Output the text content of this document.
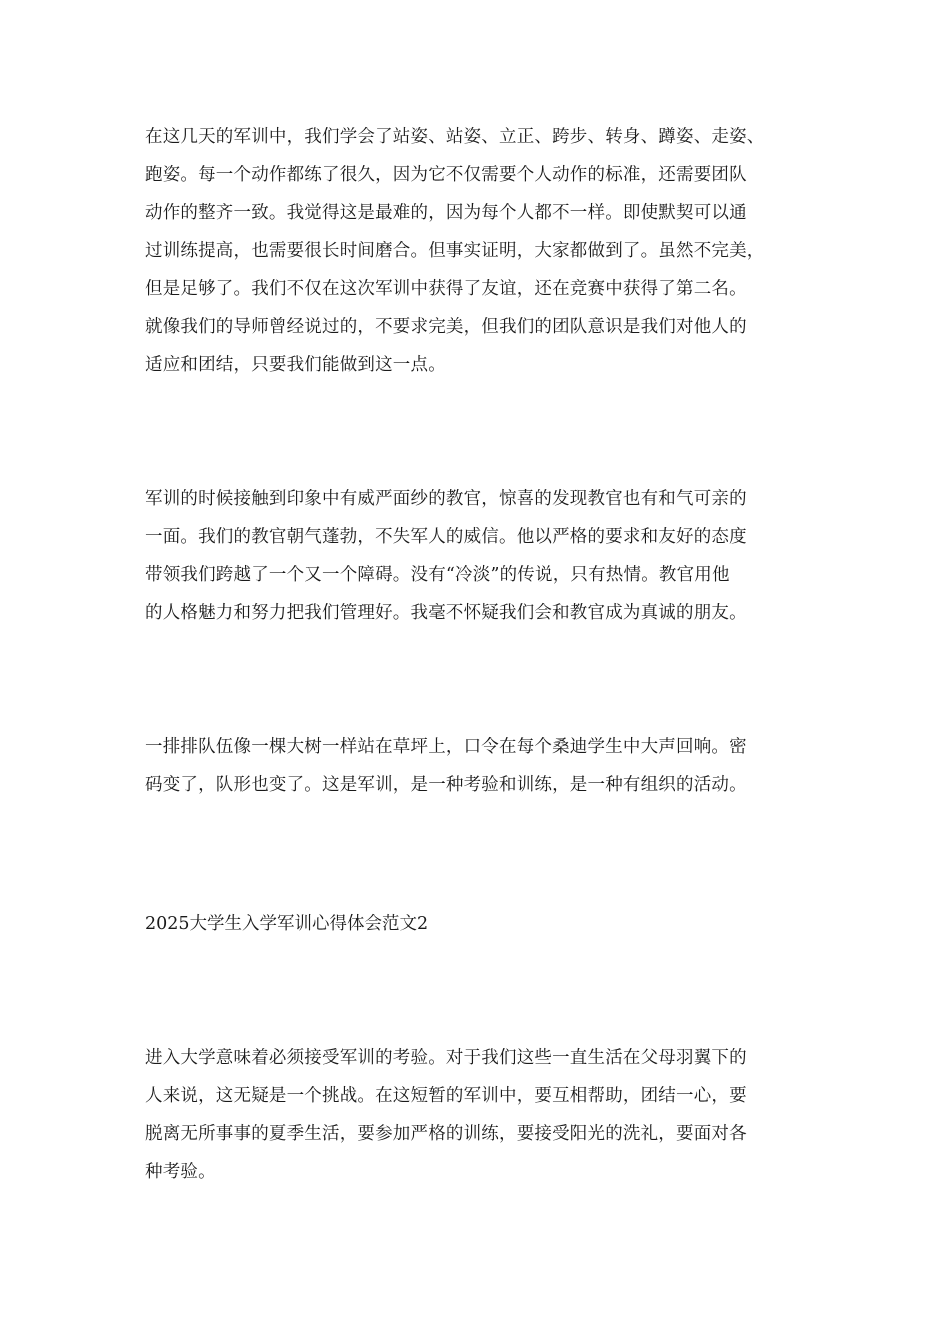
在这几天的军训中，我们学会了站姿、站姿、立正、跨步、转身、蹲姿、走姿、
跑姿。每一个动作都练了很久，因为它不仅需要个人动作的标准，还需要团队
动作的整齐一致。我觉得这是最难的，因为每个人都不一样。即使默契可以通
过训练提高，也需要很长时间磨合。但事实证明，大家都做到了。虽然不完美，
但是足够了。我们不仅在这次军训中获得了友谊，还在竞赛中获得了第二名。
就像我们的导师曾经说过的，不要求完美，但我们的团队意识是我们对他人的
适应和团结，只要我们能做到这一点。
军训的时候接触到印象中有威严面纱的教官，惊喜的发现教官也有和气可亲的
一面。我们的教官朝气蓬勃，不失军人的威信。他以严格的要求和友好的态度
带领我们跨越了一个又一个障碍。没有“冷淡”的传说，只有热情。教官用他
的人格魅力和努力把我们管理好。我毫不怀疑我们会和教官成为真诚的朋友。
一排排队伍像一棵大树一样站在草坪上，口令在每个桑迪学生中大声回响。密
码变了，队形也变了。这是军训，是一种考验和训练，是一种有组织的活动。
2025大学生入学军训心得体会范文2
进入大学意味着必须接受军训的考验。对于我们这些一直生活在父母羽翼下的
人来说，这无疑是一个挑战。在这短暂的军训中，要互相帮助，团结一心，要
脱离无所事事的夏季生活，要参加严格的训练，要接受阳光的洗礼，要面对各
种考验。
